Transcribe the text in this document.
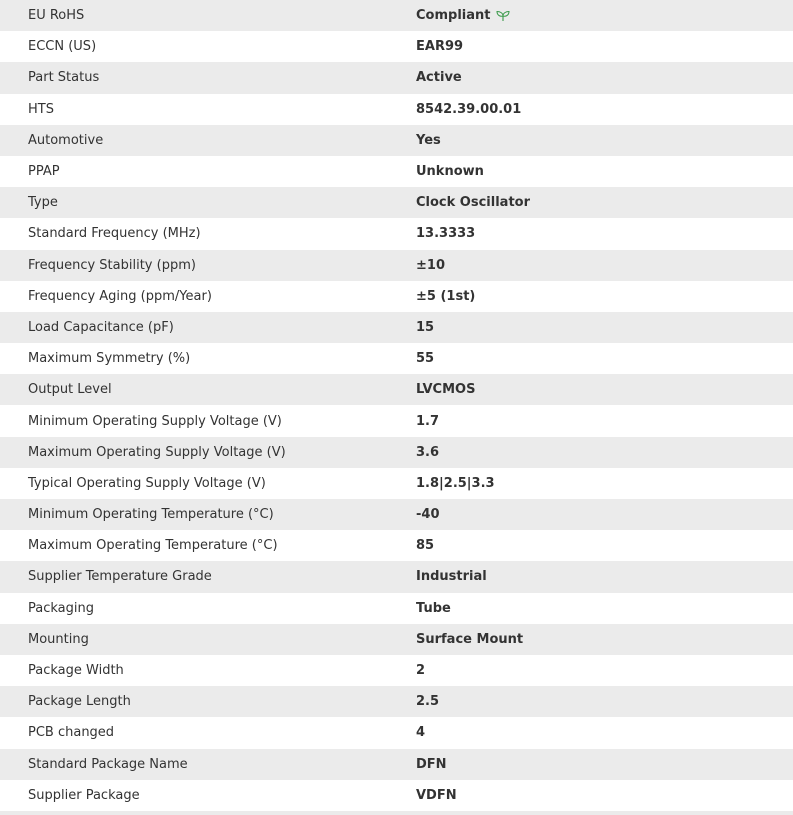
EU RoHS	Compliant
ECCN (US)	EAR99
Part Status	Active
HTS	8542.39.00.01
Automotive	Yes
PPAP	Unknown
Type	Clock Oscillator
Standard Frequency (MHz)	13.3333
Frequency Stability (ppm)	±10
Frequency Aging (ppm/Year)	±5 (1st)
Load Capacitance (pF)	15
Maximum Symmetry (%)	55
Output Level	LVCMOS
Minimum Operating Supply Voltage (V)	1.7
Maximum Operating Supply Voltage (V)	3.6
Typical Operating Supply Voltage (V)	1.8|2.5|3.3
Minimum Operating Temperature (°C)	-40
Maximum Operating Temperature (°C)	85
Supplier Temperature Grade	Industrial
Packaging	Tube
Mounting	Surface Mount
Package Width	2
Package Length	2.5
PCB changed	4
Standard Package Name	DFN
Supplier Package	VDFN
